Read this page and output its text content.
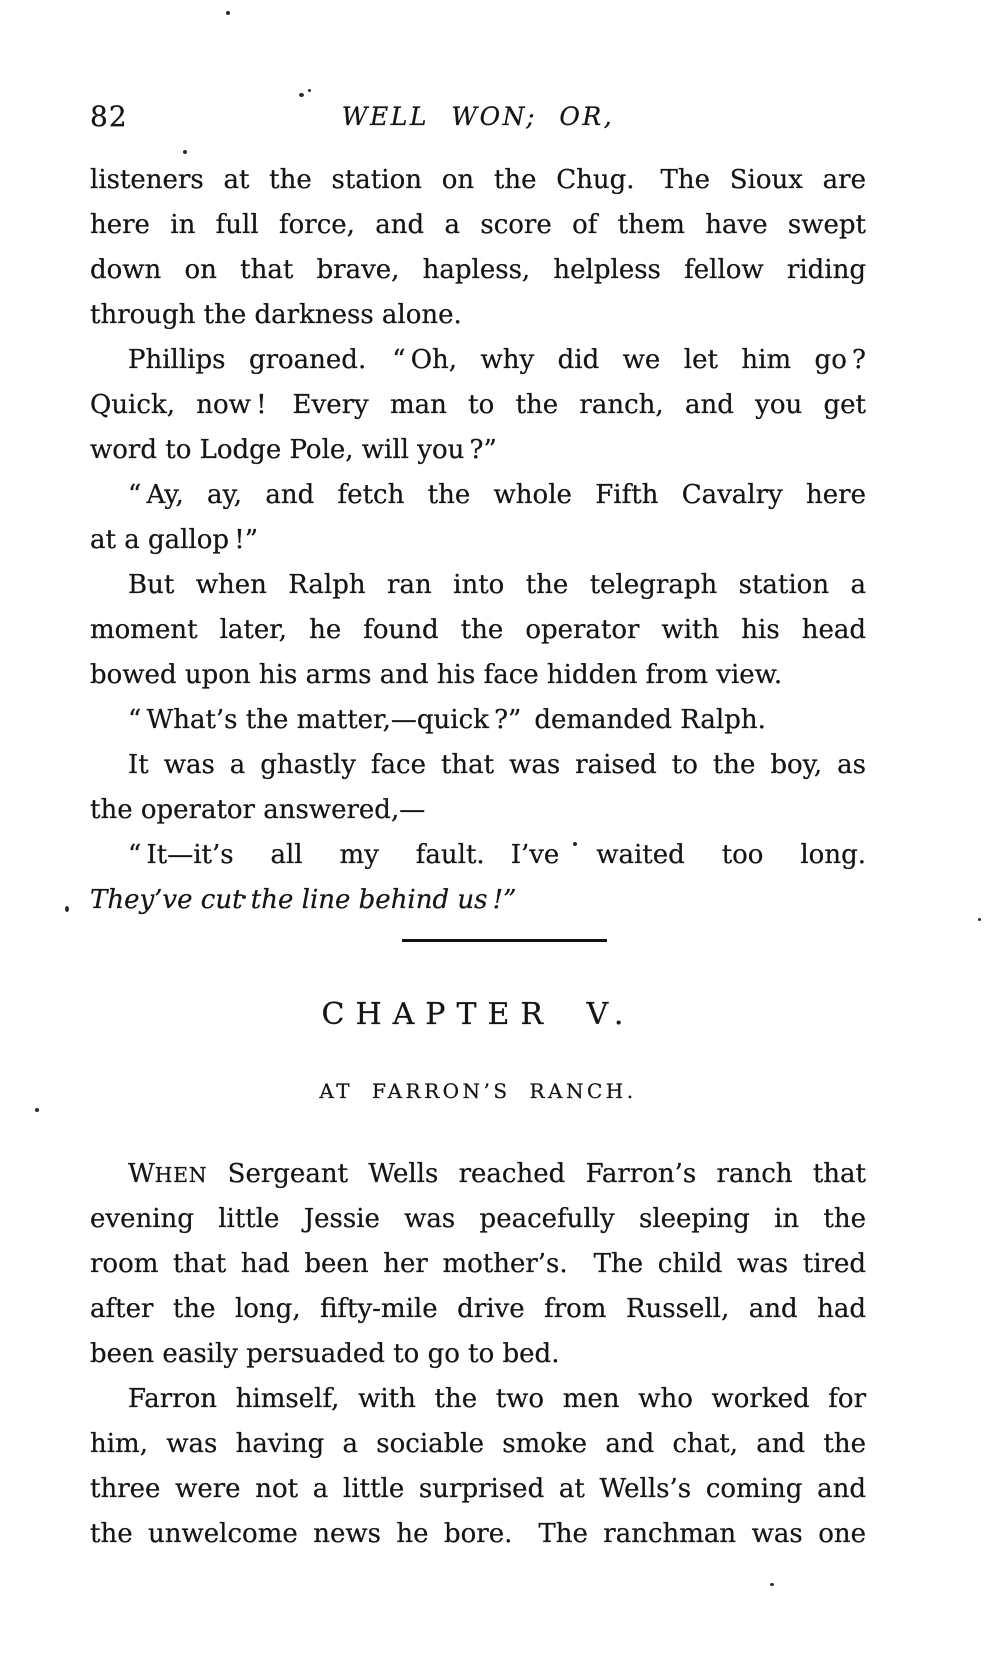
82	WELL WON; OR,
listeners at the station on the Chug. The Sioux are
here in full force, and a score of them have swept
down on that brave, hapless, helpless fellow riding
through the darkness alone.
Phillips groaned. “ Oh, why did we let him go ?
Quick, now ! Every man to the ranch, and you get
word to Lodge Pole, will you ?”
“ Ay, ay, and fetch the whole Fifth Cavalry here
at a gallop !”
But when Ralph ran into the telegraph station a
moment later, he found the operator with his head
bowed upon his arms and his face hidden from view.
“ What’s the matter,—quick ?” demanded Ralph.
It was a ghastly face that was raised to the boy, as
the operator answered,—
“ It—it’s all my fault. I’ve waited too long.
They’ve cut the line behind us !”
CHAPTER V.
AT FARRON’S RANCH.
WHEN Sergeant Wells reached Farron’s ranch that
evening little Jessie was peacefully sleeping in the
room that had been her mother’s. The child was tired
after the long, fifty-mile drive from Russell, and had
been easily persuaded to go to bed.
Farron himself, with the two men who worked for
him, was having a sociable smoke and chat, and the
three were not a little surprised at Wells’s coming and
the unwelcome news he bore. The ranchman was one
